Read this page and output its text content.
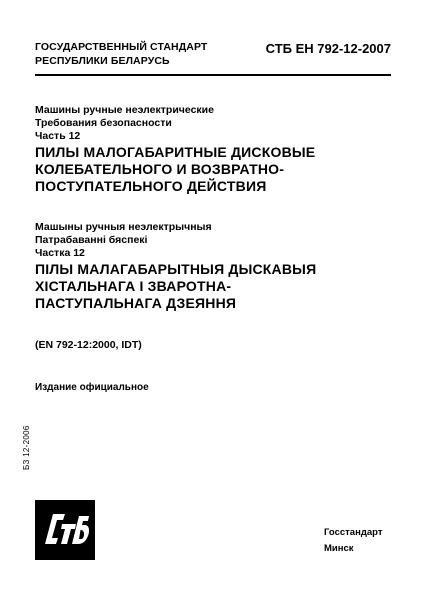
ГОСУДАРСТВЕННЫЙ СТАНДАРТ
РЕСПУБЛИКИ БЕЛАРУСЬ
СТБ ЕН 792-12-2007
Машины ручные неэлектрические
Требования безопасности
Часть 12
ПИЛЫ МАЛОГАБАРИТНЫЕ ДИСКОВЫЕ
КОЛЕБАТЕЛЬНОГО И ВОЗВРАТНО-
ПОСТУПАТЕЛЬНОГО ДЕЙСТВИЯ
Машыны ручныя неэлектрычныя
Патрабаванні бяспекі
Частка 12
ПІЛЫ МАЛАГАБАРЫТНЫЯ ДЫСКАВЫЯ
ХІСТАЛЬНАГА І ЗВАРОТНА-
ПАСТУПАЛЬНАГА ДЗЕЯННЯ
(EN 792-12:2000, IDT)
Издание официальное
БЗ 12-2006
Госстандарт
Минск
